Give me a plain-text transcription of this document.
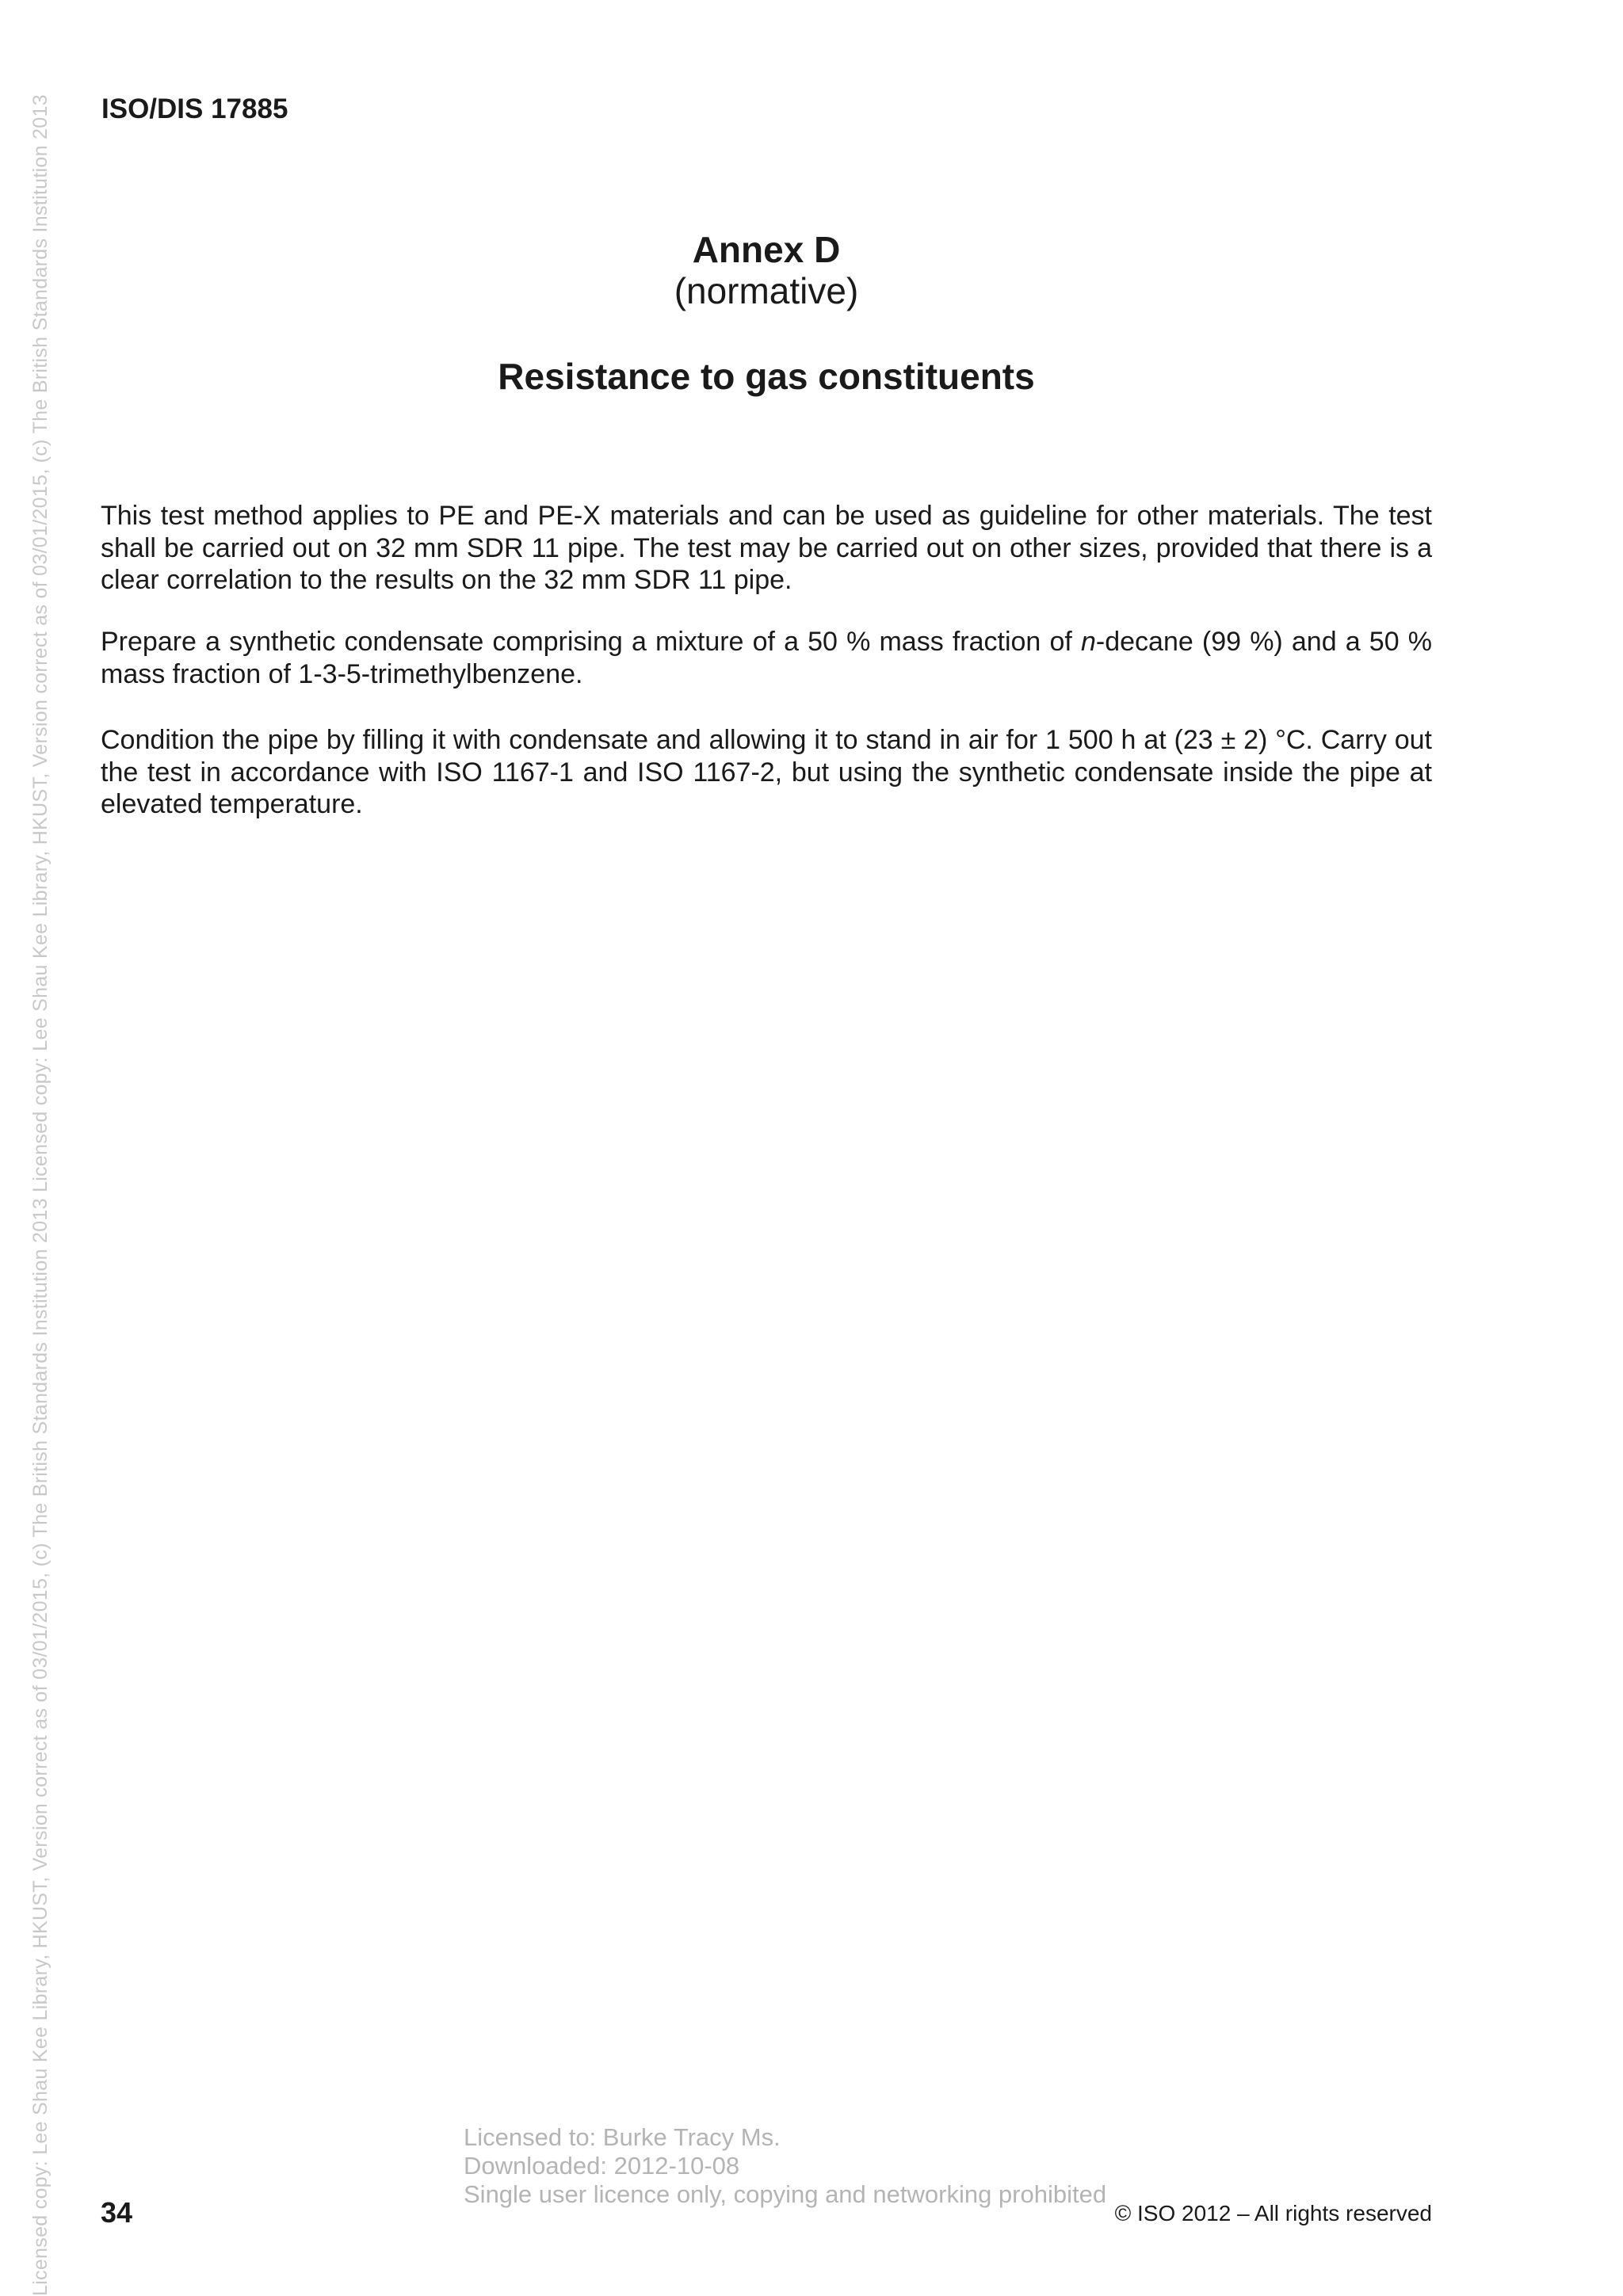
Licensed copy: Lee Shau Kee Library, HKUST, Version correct as of 03/01/2015, (c) The British Standards Institution 2013 Licensed copy: Lee Shau Kee Library, HKUST, Version correct as of 03/01/2015, (c) The British Standards Institution 2013 ISO/DIS 17885
Annex D
(normative)
Resistance to gas constituents

This test method applies to PE and PE-X materials and can be used as guideline for other materials. The test shall be carried out on 32 mm SDR 11 pipe. The test may be carried out on other sizes, provided that there is a clear correlation to the results on the 32 mm SDR 11 pipe.

Prepare a synthetic condensate comprising a mixture of a 50 % mass fraction of n-decane (99 %) and a 50 % mass fraction of 1-3-5-trimethylbenzene.

Condition the pipe by filling it with condensate and allowing it to stand in air for 1 500 h at (23 ± 2) °C. Carry out the test in accordance with ISO 1167-1 and ISO 1167-2, but using the synthetic condensate inside the pipe at elevated temperature.

Licensed to: Burke Tracy Ms.
Downloaded: 2012-10-08
Single user licence only, copying and networking prohibited
34	© ISO 2012 – All rights reserved
